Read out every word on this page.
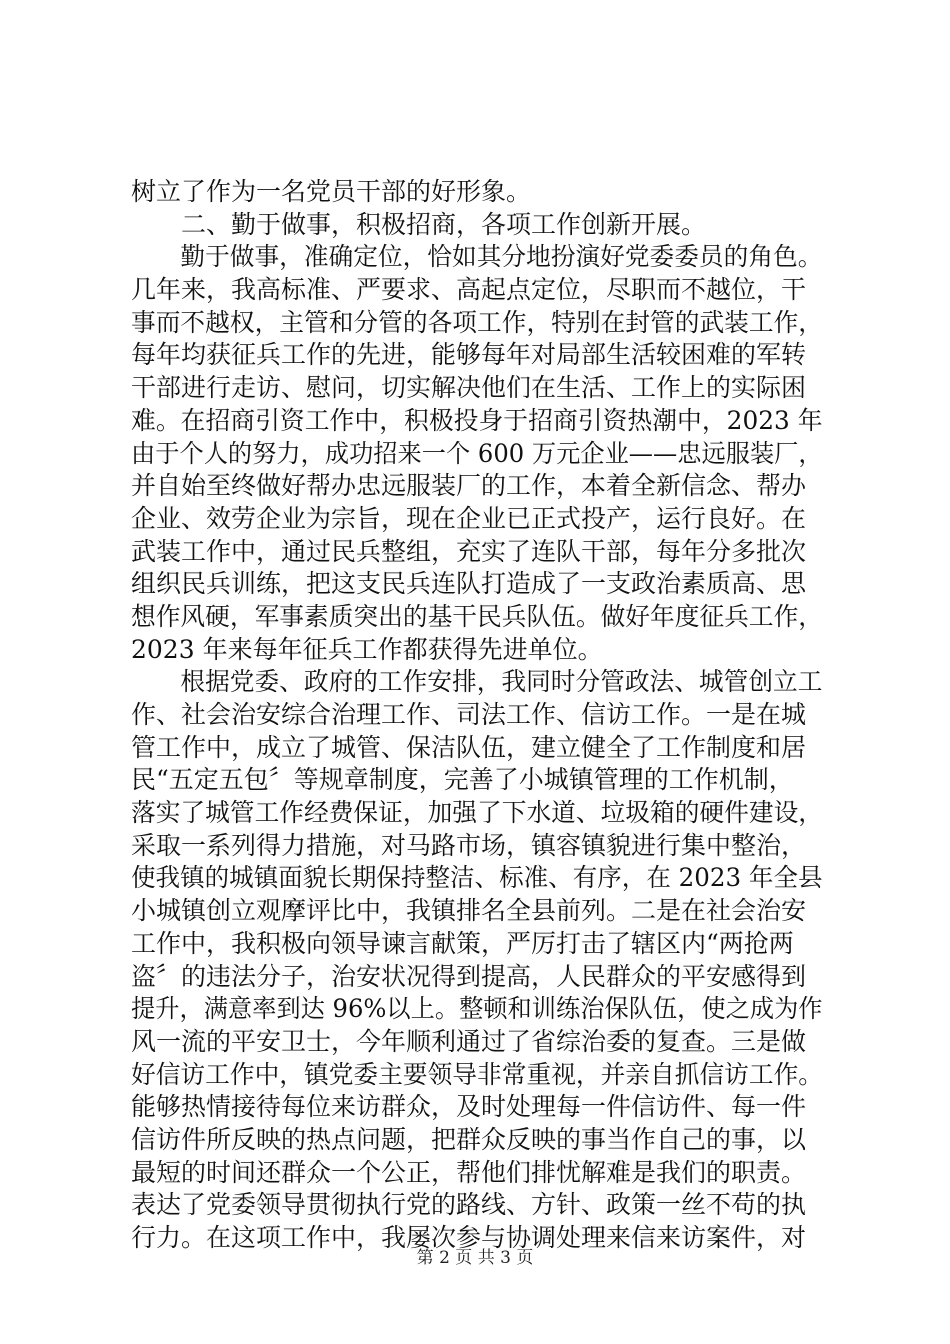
树立了作为一名党员干部的好形象。
二、勤于做事，积极招商，各项工作创新开展。
勤于做事，准确定位，恰如其分地扮演好党委委员的角色。
几年来，我高标准、严要求、高起点定位，尽职而不越位，干
事而不越权，主管和分管的各项工作，特别在封管的武装工作，
每年均获征兵工作的先进，能够每年对局部生活较困难的军转
干部进行走访、慰问，切实解决他们在生活、工作上的实际困
难。在招商引资工作中，积极投身于招商引资热潮中，2023 年
由于个人的努力，成功招来一个 600 万元企业——忠远服装厂，
并自始至终做好帮办忠远服装厂的工作，本着全新信念、帮办
企业、效劳企业为宗旨，现在企业已正式投产，运行良好。在
武装工作中，通过民兵整组，充实了连队干部，每年分多批次
组织民兵训练，把这支民兵连队打造成了一支政治素质高、思
想作风硬，军事素质突出的基干民兵队伍。做好年度征兵工作，
2023 年来每年征兵工作都获得先进单位。
根据党委、政府的工作安排，我同时分管政法、城管创立工
作、社会治安综合治理工作、司法工作、信访工作。一是在城
管工作中，成立了城管、保洁队伍，建立健全了工作制度和居
民“五定五包〞等规章制度，完善了小城镇管理的工作机制，
落实了城管工作经费保证，加强了下水道、垃圾箱的硬件建设，
采取一系列得力措施，对马路市场，镇容镇貌进行集中整治，
使我镇的城镇面貌长期保持整洁、标准、有序，在 2023 年全县
小城镇创立观摩评比中，我镇排名全县前列。二是在社会治安
工作中，我积极向领导谏言献策，严厉打击了辖区内“两抢两
盗〞的违法分子，治安状况得到提高，人民群众的平安感得到
提升，满意率到达 96%以上。整顿和训练治保队伍，使之成为作
风一流的平安卫士，今年顺利通过了省综治委的复查。三是做
好信访工作中，镇党委主要领导非常重视，并亲自抓信访工作。
能够热情接待每位来访群众，及时处理每一件信访件、每一件
信访件所反映的热点问题，把群众反映的事当作自己的事，以
最短的时间还群众一个公正，帮他们排忧解难是我们的职责。
表达了党委领导贯彻执行党的路线、方针、政策一丝不苟的执
行力。在这项工作中，我屡次参与协调处理来信来访案件，对
第 2 页 共 3 页
